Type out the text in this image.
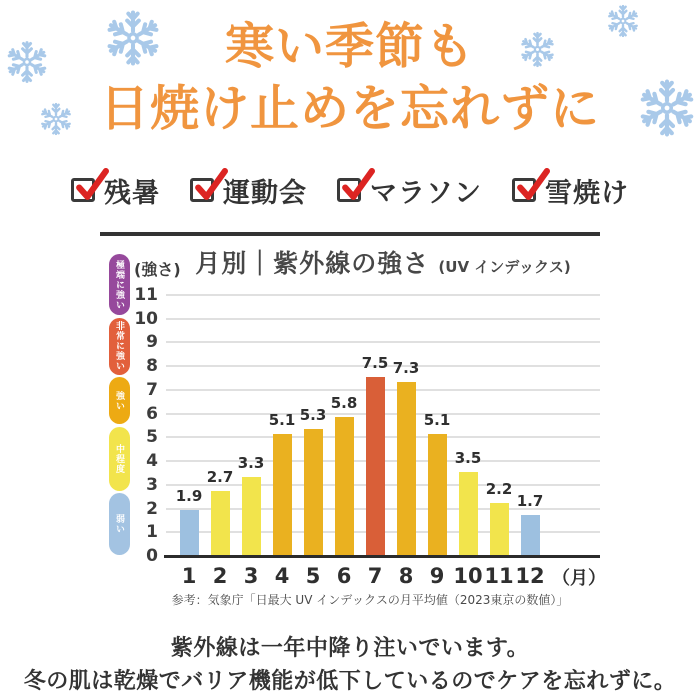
寒い季節も
日焼け止めを忘れずに
残暑 運動会 マラソン 雪焼け
月別｜紫外線の強さ (UV インデックス)
(強さ)
0
1
2
3
4
5
6
7
8
9
10
11
極端に強い
非常に強い
強い
中程度
弱い
1.9
1
2.7
2
3.3
3
5.1
4
5.3
5
5.8
6
7.5
7
7.3
8
5.1
9
3.5
10
2.2
11
1.7
12 （月）
参考：気象庁「日最大 UV インデックスの月平均値（2023東京の数値）」
紫外線は一年中降り注いでいます。
冬の肌は乾燥でバリア機能が低下しているのでケアを忘れずに。
